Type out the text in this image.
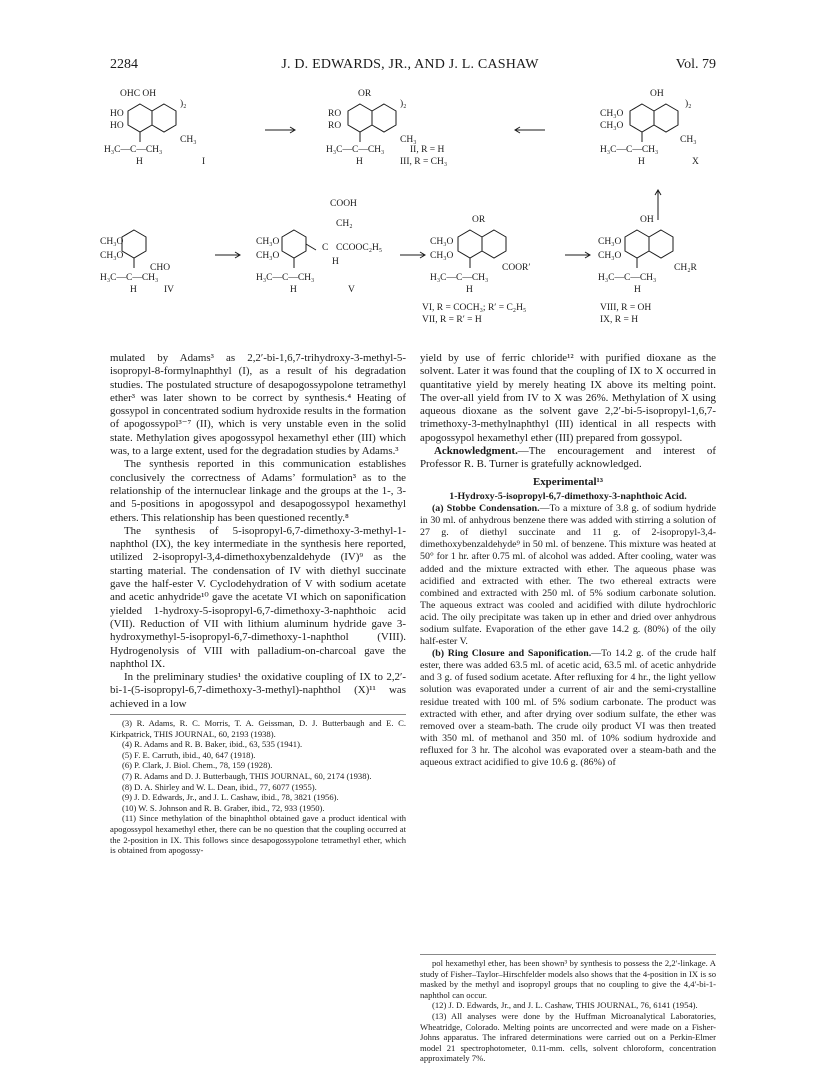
2284	J. D. EDWARDS, JR., AND J. L. CASHAW	Vol. 79
OHC OH
)₂
HO
HO
CH₃
H₃C—C—CH₃
H	I
OR
)₂
RO
RO
CH₃
H₃C—C—CH₃
H
II, R = H
III, R = CH₃
OH
)₂
CH₃O
CH₃O
CH₃
H₃C—C—CH₃
H	X
CH₃O
CH₃O
CHO
H₃C—C—CH₃
H	IV
COOH
CH₂
C CCOOC₂H₅
H
CH₃O
CH₃O
H₃C—C—CH₃
H	V
OR
CH₃O
CH₃O
COOR′
H₃C—C—CH₃
H
VI, R = COCH₃; R′ = C₂H₅
VII, R = R′ = H
OH
CH₃O
CH₃O
CH₂R
H₃C—C—CH₃
H
VIII, R = OH
IX, R = H

mulated by Adams³ as 2,2′-bi-1,6,7-trihydroxy-3-methyl-5-isopropyl-8-formylnaphthyl (I), as a result of his degradation studies. The postulated structure of desapogossypolone tetramethyl ether³ was later shown to be correct by synthesis.⁴ Heating of gossypol in concentrated sodium hydroxide results in the formation of apogossypol³⁻⁷ (II), which is very unstable even in the solid state. Methylation gives apogossypol hexamethyl ether (III) which was, to a large extent, used for the degradation studies by Adams.³

The synthesis reported in this communication establishes conclusively the correctness of Adams’ formulation³ as to the relationship of the internuclear linkage and the groups at the 1-, 3- and 5-positions in apogossypol and desapogossypol hexamethyl ethers. This relationship has been questioned recently.⁸

The synthesis of 5-isopropyl-6,7-dimethoxy-3-methyl-1-naphthol (IX), the key intermediate in the synthesis here reported, utilized 2-isopropyl-3,4-dimethoxybenzaldehyde (IV)⁹ as the starting material. The condensation of IV with diethyl succinate gave the half-ester V. Cyclodehydration of V with sodium acetate and acetic anhydride¹⁰ gave the acetate VI which on saponification yielded 1-hydroxy-5-isopropyl-6,7-dimethoxy-3-naphthoic acid (VII). Reduction of VII with lithium aluminum hydride gave 3-hydroxymethyl-5-isopropyl-6,7-dimethoxy-1-naphthol (VIII). Hydrogenolysis of VIII with palladium-on-charcoal gave the naphthol IX.

In the preliminary studies¹ the oxidative coupling of IX to 2,2′-bi-1-(5-isopropyl-6,7-dimethoxy-3-methyl)-naphthol (X)¹¹ was achieved in a low

(3) R. Adams, R. C. Morris, T. A. Geissman, D. J. Butterbaugh and E. C. Kirkpatrick, THIS JOURNAL, 60, 2193 (1938).
(4) R. Adams and R. B. Baker, ibid., 63, 535 (1941).
(5) F. E. Carruth, ibid., 40, 647 (1918).
(6) P. Clark, J. Biol. Chem., 78, 159 (1928).
(7) R. Adams and D. J. Butterbaugh, THIS JOURNAL, 60, 2174 (1938).
(8) D. A. Shirley and W. L. Dean, ibid., 77, 6077 (1955).
(9) J. D. Edwards, Jr., and J. L. Cashaw, ibid., 78, 3821 (1956).
(10) W. S. Johnson and R. B. Graber, ibid., 72, 933 (1950).
(11) Since methylation of the binaphthol obtained gave a product identical with apogossypol hexamethyl ether, there can be no question that the coupling occurred at the 2-position in IX. This follows since desapogossypolone tetramethyl ether, which is obtained from apogossy-

yield by use of ferric chloride¹² with purified dioxane as the solvent. Later it was found that the coupling of IX to X occurred in quantitative yield by merely heating IX above its melting point. The over-all yield from IV to X was 26%. Methylation of X using aqueous dioxane as the solvent gave 2,2′-bi-5-isopropyl-1,6,7-trimethoxy-3-methylnaphthyl (III) identical in all respects with apogossypol hexamethyl ether (III) prepared from gossypol.

Acknowledgment.—The encouragement and interest of Professor R. B. Turner is gratefully acknowledged.

Experimental¹³
1-Hydroxy-5-isopropyl-6,7-dimethoxy-3-naphthoic Acid.

(a) Stobbe Condensation.—To a mixture of 3.8 g. of sodium hydride in 30 ml. of anhydrous benzene there was added with stirring a solution of 27 g. of diethyl succinate and 11 g. of 2-isopropyl-3,4-dimethoxybenzaldehyde⁹ in 50 ml. of benzene. This mixture was heated at 50° for 1 hr. after 0.75 ml. of alcohol was added. After cooling, water was added and the mixture extracted with ether. The aqueous phase was acidified and extracted with ether. The two ethereal extracts were combined and extracted with 250 ml. of 5% sodium carbonate solution. The aqueous extract was cooled and acidified with dilute hydrochloric acid. The oily precipitate was taken up in ether and dried over anhydrous sodium sulfate. Evaporation of the ether gave 14.2 g. (80%) of the oily half-ester V.

(b) Ring Closure and Saponification.—To 14.2 g. of the crude half ester, there was added 63.5 ml. of acetic acid, 63.5 ml. of acetic anhydride and 3 g. of fused sodium acetate. After refluxing for 4 hr., the light yellow solution was evaporated under a current of air and the semi-crystalline residue treated with 100 ml. of 5% sodium carbonate. The product was extracted with ether, and after drying over sodium sulfate, the ether was removed over a steam-bath. The crude oily product VI was then treated with 350 ml. of methanol and 350 ml. of 10% sodium hydroxide and refluxed for 3 hr. The alcohol was evaporated over a steam-bath and the aqueous extract acidified to give 10.6 g. (86%) of

pol hexamethyl ether, has been shown³ by synthesis to possess the 2,2′-linkage. A study of Fisher–Taylor–Hirschfelder models also shows that the 4-position in IX is so masked by the methyl and isopropyl groups that no coupling to give the 4,4′-bi-1-naphthol can occur.
(12) J. D. Edwards, Jr., and J. L. Cashaw, THIS JOURNAL, 76, 6141 (1954).
(13) All analyses were done by the Huffman Microanalytical Laboratories, Wheatridge, Colorado. Melting points are uncorrected and were made on a Fisher-Johns apparatus. The infrared determinations were carried out on a Perkin-Elmer model 21 spectrophotometer, 0.11-mm. cells, solvent chloroform, concentration approximately 7%.
